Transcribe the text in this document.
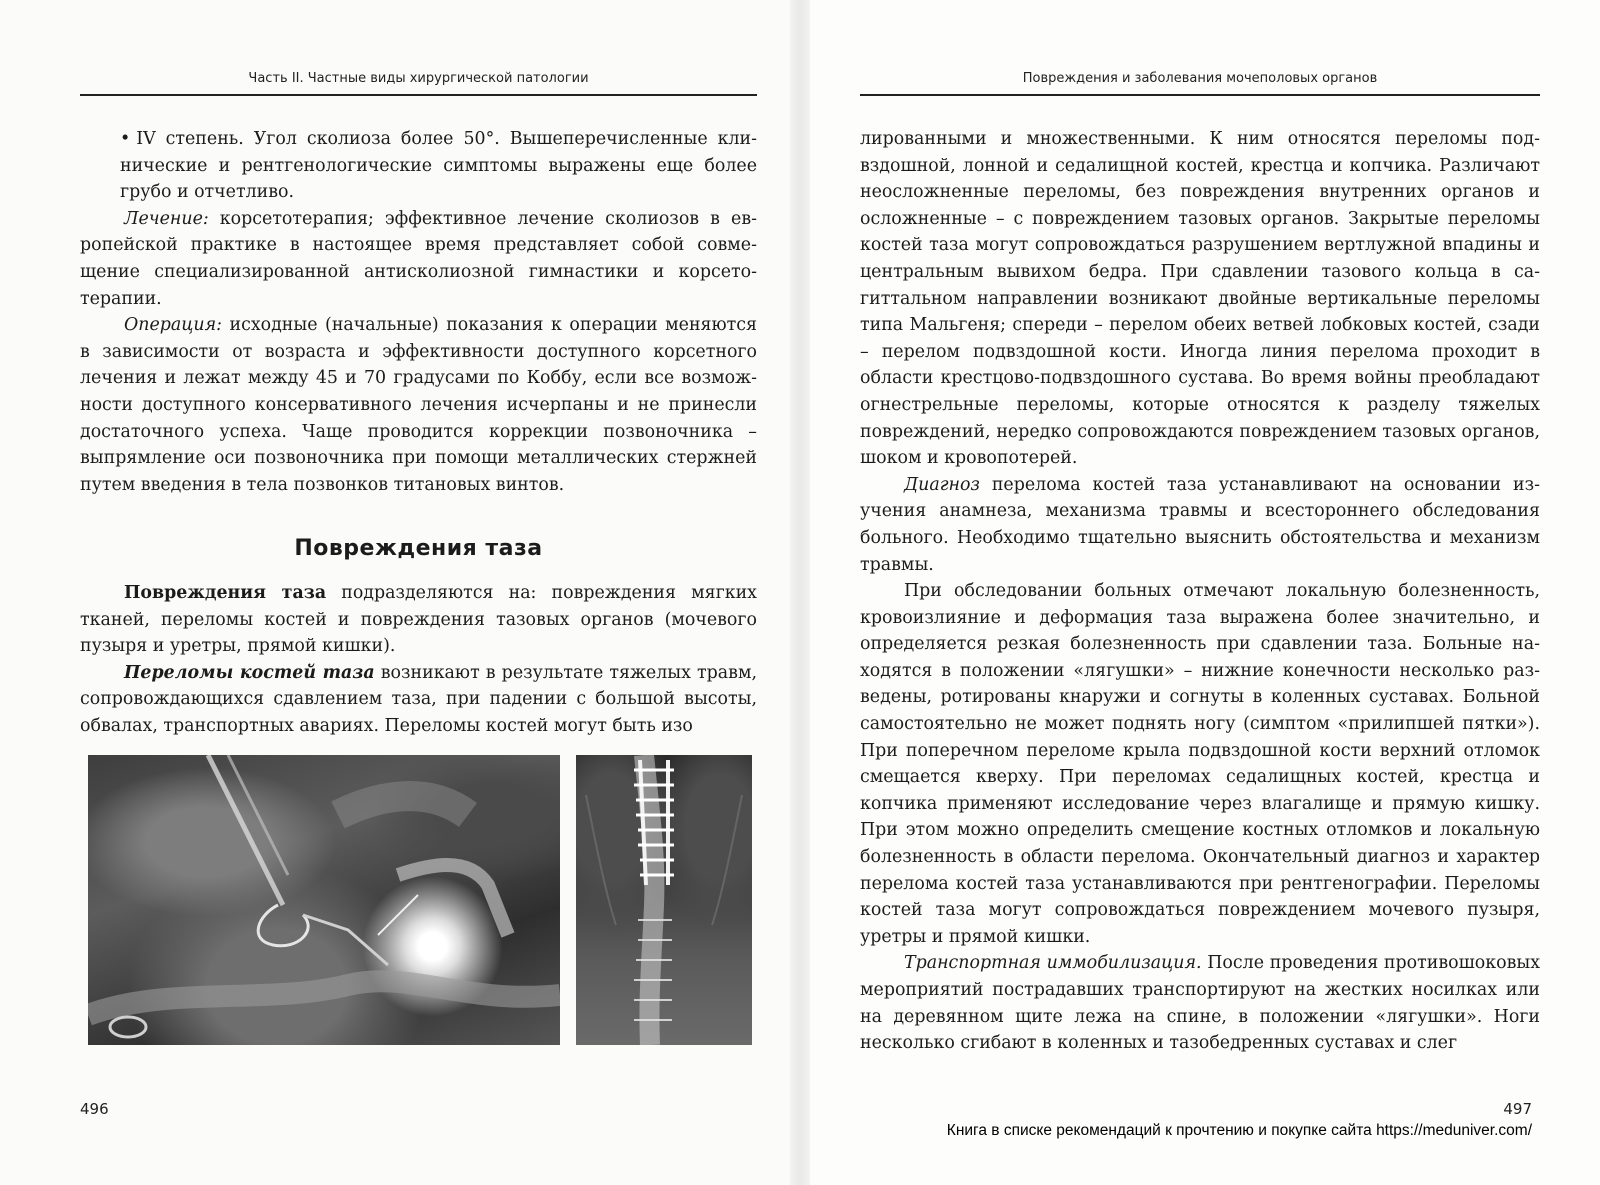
Часть II. Частные виды хирургической патологии

• IV степень. Угол сколиоза более 50°. Вышеперечисленные клинические и рентгенологические симптомы выражены еще более грубо и отчетливо.

Лечение: корсетотерапия; эффективное лечение сколиозов в европейской практике в настоящее время представляет собой совмещение специализированной антисколиозной гимнастики и корсетотерапии.

Операция: исходные (начальные) показания к операции меняются в зависимости от возраста и эффективности доступного корсетного лечения и лежат между 45 и 70 градусами по Коббу, если все возможности доступного консервативного лечения исчерпаны и не принесли достаточного успеха. Чаще проводится коррекции позвоночника – выпрямление оси позвоночника при помощи металлических стержней путем введения в тела позвонков титановых винтов.

Повреждения таза

Повреждения таза подразделяются на: повреждения мягких тканей, переломы костей и повреждения тазовых органов (мочевого пузыря и уретры, прямой кишки).

Переломы костей таза возникают в результате тяжелых травм, сопровождающихся сдавлением таза, при падении с большой высоты, обвалах, транспортных авариях. Переломы костей могут быть изо

496
Повреждения и заболевания мочеполовых органов

лированными и множественными. К ним относятся переломы подвздошной, лонной и седалищной костей, крестца и копчика. Различают неосложненные переломы, без повреждения внутренних органов и осложненные – с повреждением тазовых органов. Закрытые переломы костей таза могут сопровождаться разрушением вертлужной впадины и центральным вывихом бедра. При сдавлении тазового кольца в сагиттальном направлении возникают двойные вертикальные переломы типа Мальгеня; спереди – перелом обеих ветвей лобковых костей, сзади – перелом подвздошной кости. Иногда линия перелома проходит в области крестцово-подвздошного сустава. Во время войны преобладают огнестрельные переломы, которые относятся к разделу тяжелых повреждений, нередко сопровождаются повреждением тазовых органов, шоком и кровопотерей.

Диагноз перелома костей таза устанавливают на основании изучения анамнеза, механизма травмы и всестороннего обследования больного. Необходимо тщательно выяснить обстоятельства и механизм травмы.

При обследовании больных отмечают локальную болезненность, кровоизлияние и деформация таза выражена более значительно, и определяется резкая болезненность при сдавлении таза. Больные находятся в положении «лягушки» – нижние конечности несколько разведены, ротированы кнаружи и согнуты в коленных суставах. Больной самостоятельно не может поднять ногу (симптом «прилипшей пятки»). При поперечном переломе крыла подвздошной кости верхний отломок смещается кверху. При переломах седалищных костей, крестца и копчика применяют исследование через влагалище и прямую кишку. При этом можно определить смещение костных отломков и локальную болезненность в области перелома. Окончательный диагноз и характер перелома костей таза устанавливаются при рентгенографии. Переломы костей таза могут сопровождаться повреждением мочевого пузыря, уретры и прямой кишки.

Транспортная иммобилизация. После проведения противошоковых мероприятий пострадавших транспортируют на жестких носилках или на деревянном щите лежа на спине, в положении «лягушки». Ноги несколько сгибают в коленных и тазобедренных суставах и слег

497
Книга в списке рекомендаций к прочтению и покупке сайта https://meduniver.com/
